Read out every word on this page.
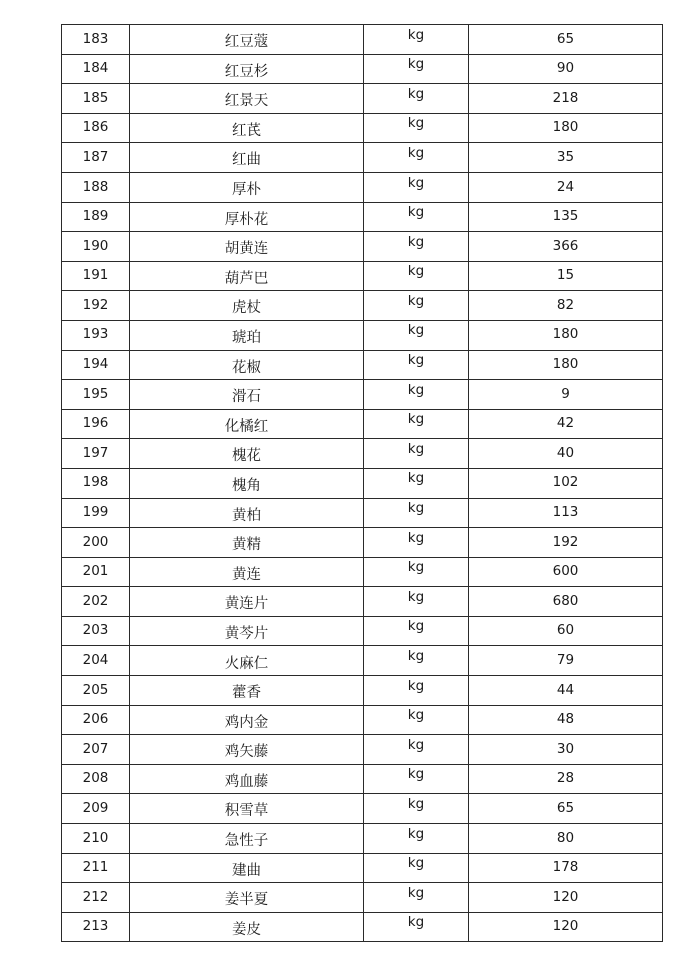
183	红豆蔻	kg	65
184	红豆杉	kg	90
185	红景天	kg	218
186	红芪	kg	180
187	红曲	kg	35
188	厚朴	kg	24
189	厚朴花	kg	135
190	胡黄连	kg	366
191	葫芦巴	kg	15
192	虎杖	kg	82
193	琥珀	kg	180
194	花椒	kg	180
195	滑石	kg	9
196	化橘红	kg	42
197	槐花	kg	40
198	槐角	kg	102
199	黄柏	kg	113
200	黄精	kg	192
201	黄连	kg	600
202	黄连片	kg	680
203	黄芩片	kg	60
204	火麻仁	kg	79
205	藿香	kg	44
206	鸡内金	kg	48
207	鸡矢藤	kg	30
208	鸡血藤	kg	28
209	积雪草	kg	65
210	急性子	kg	80
211	建曲	kg	178
212	姜半夏	kg	120
213	姜皮	kg	120
